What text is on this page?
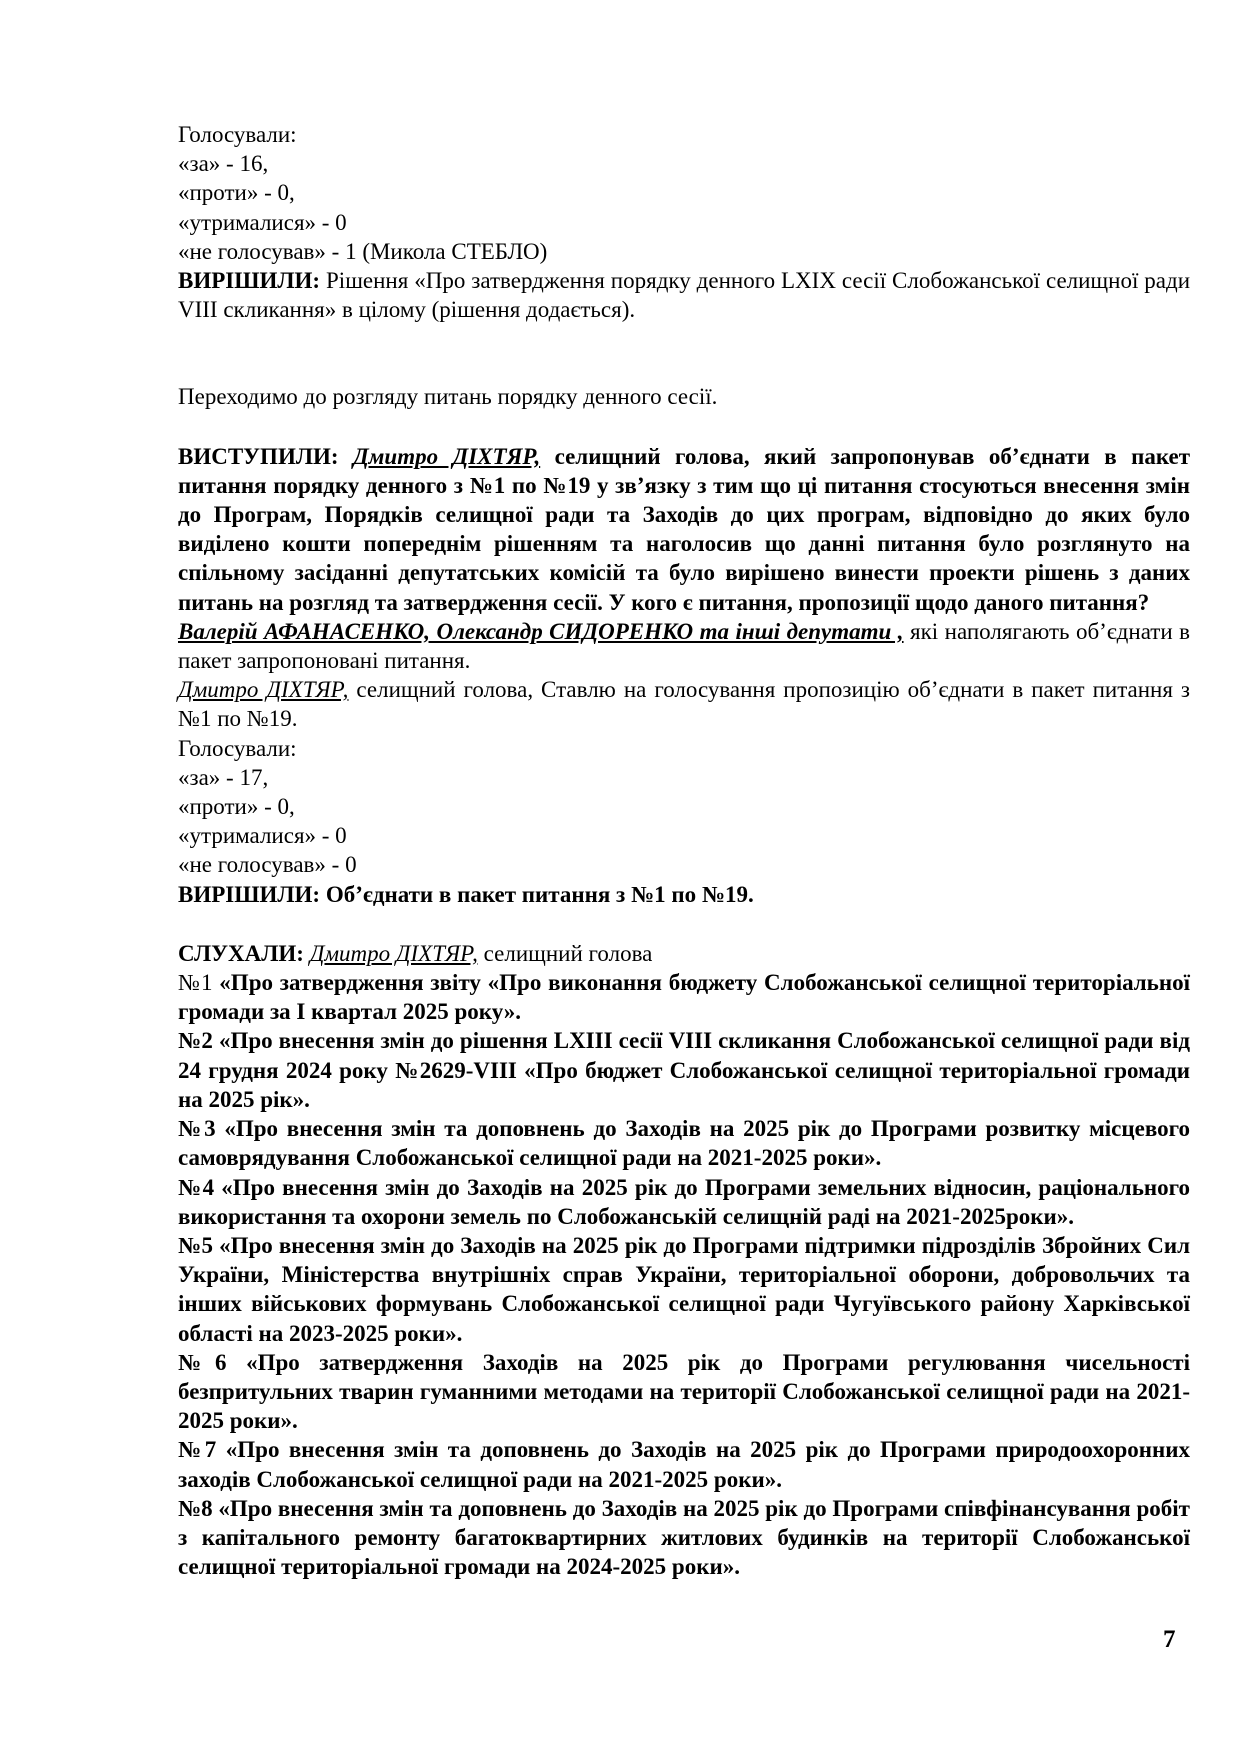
Голосували:
«за» - 16,
«проти» - 0,
«утрималися» - 0
«не голосував» - 1 (Микола СТЕБЛО)

ВИРІШИЛИ: Рішення «Про затвердження порядку денного LXIX сесії Слобожанської селищної ради VІІІ скликання» в цілому (рішення додається).

Переходимо до розгляду питань порядку денного сесії.

ВИСТУПИЛИ: Дмитро ДІХТЯР, селищний голова, який запропонував об’єднати в пакет питання порядку денного з №1 по №19 у зв’язку з тим що ці питання стосуються внесення змін до Програм, Порядків селищної ради та Заходів до цих програм, відповідно до яких було виділено кошти попереднім рішенням та наголосив що данні питання було розглянуто на спільному засіданні депутатських комісій та було вирішено винести проекти рішень з даних питань на розгляд та затвердження сесії. У кого є питання, пропозиції щодо даного питання?

Валерій АФАНАСЕНКО, Олександр СИДОРЕНКО та інші депутати , які наполягають об’єднати в пакет запропоновані питання.

Дмитро ДІХТЯР, селищний голова, Ставлю на голосування пропозицію об’єднати в пакет питання з №1 по №19.

Голосували:
«за» - 17,
«проти» - 0,
«утрималися» - 0
«не голосував» - 0

ВИРІШИЛИ: Об’єднати в пакет питання з №1 по №19.

СЛУХАЛИ: Дмитро ДІХТЯР, селищний голова

№1 «Про затвердження звіту «Про виконання бюджету Слобожанської селищної територіальної громади за I квартал 2025 року».

№2 «Про внесення змін до рішення LXIII сесії VIII скликання Слобожанської селищної ради від 24 грудня 2024 року №2629-VIII «Про бюджет Слобожанської селищної територіальної громади на 2025 рік».

№3 «Про внесення змін та доповнень до Заходів на 2025 рік до Програми розвитку місцевого самоврядування Слобожанської селищної ради на 2021-2025 роки».

№4 «Про внесення змін до Заходів на 2025 рік до Програми земельних відносин, раціонального використання та охорони земель по Слобожанській селищній раді на 2021-2025роки».

№5 «Про внесення змін до Заходів на 2025 рік до Програми підтримки підрозділів Збройних Сил України, Міністерства внутрішніх справ України, територіальної оборони, добровольчих та інших військових формувань Слобожанської селищної ради Чугуївського району Харківської області на 2023-2025 роки».

№6 «Про затвердження Заходів на 2025 рік до Програми регулювання чисельності безпритульних тварин гуманними методами на території Слобожанської селищної ради на 2021-2025 роки».

№7 «Про внесення змін та доповнень до Заходів на 2025 рік до Програми природоохоронних заходів Слобожанської селищної ради на 2021-2025 роки».

№8 «Про внесення змін та доповнень до Заходів на 2025 рік до Програми співфінансування робіт з капітального ремонту багатоквартирних житлових будинків на території Слобожанської селищної територіальної громади на 2024-2025 роки».

7
